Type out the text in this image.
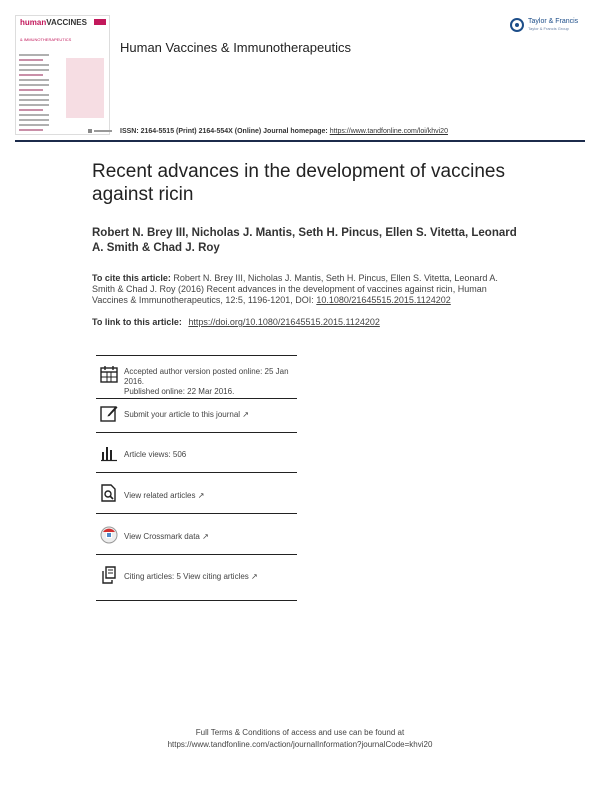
humanVACCINES
& IMMUNOTHERAPEUTICS
Human Vaccines & Immunotherapeutics
Taylor & Francis
Taylor & Francis Group
ISSN: 2164-5515 (Print) 2164-554X (Online) Journal homepage: https://www.tandfonline.com/loi/khvi20
Recent advances in the development of vaccines against ricin
Robert N. Brey III, Nicholas J. Mantis, Seth H. Pincus, Ellen S. Vitetta, Leonard A. Smith & Chad J. Roy
To cite this article: Robert N. Brey III, Nicholas J. Mantis, Seth H. Pincus, Ellen S. Vitetta, Leonard A. Smith & Chad J. Roy (2016) Recent advances in the development of vaccines against ricin, Human Vaccines & Immunotherapeutics, 12:5, 1196-1201, DOI: 10.1080/21645515.2015.1124202
To link to this article: https://doi.org/10.1080/21645515.2015.1124202
Accepted author version posted online: 25 Jan 2016.
Published online: 22 Mar 2016.
Submit your article to this journal ↗
Article views: 506
View related articles ↗
View Crossmark data ↗
Citing articles: 5 View citing articles ↗
Full Terms & Conditions of access and use can be found at
https://www.tandfonline.com/action/journalInformation?journalCode=khvi20
